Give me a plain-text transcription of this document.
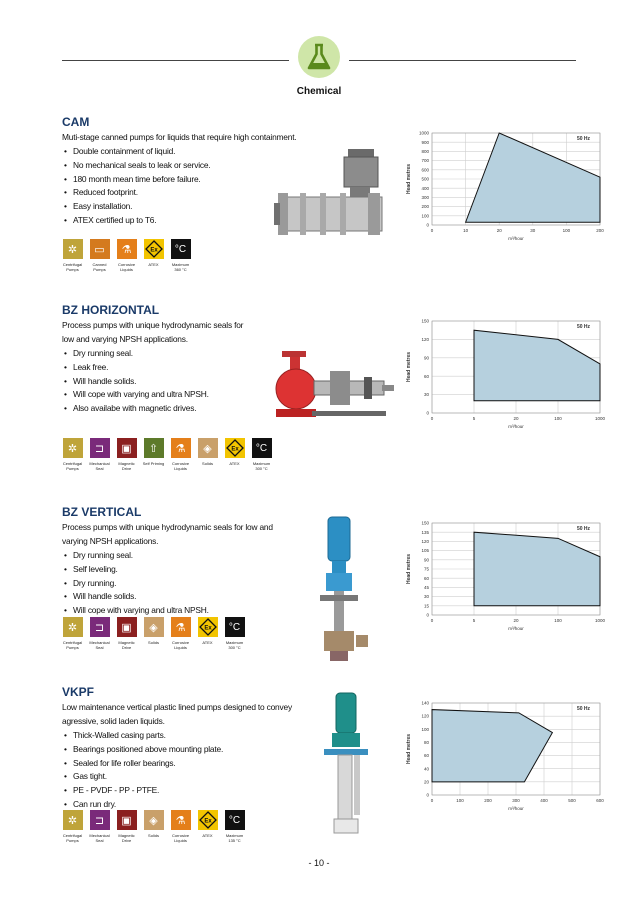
Chemical
CAM
Muti-stage canned pumps for liquids that require high containment.
• Double containment of liquid.
• No mechanical seals to leak or service.
• 180 month mean time before failure.
• Reduced footprint.
• Easy installation.
• ATEX certified up to T6.
✲
Centrifugal
Pumps
▭
Canned
Pumps
⚗
Corrosive
Liquids
Ex
ATEX
°C
Maximum
360 °C
1000
900
800
700
600
500
400
300
200
100
0
0	10	20	30	100	200
Head metres
m³/hour
50 Hz
BZ HORIZONTAL
Process pumps with unique hydrodynamic seals for
low and varying NPSH applications.
• Dry running seal.
• Leak free.
• Will handle solids.
• Will cope with varying and ultra NPSH.
• Also availabe with magnetic drives.
✲
Centrifugal
Pumps
⊐
Mechanical
Seal
▣
Magnetic
Drive
⇧
Self Priming
⚗
Corrosive
Liquids
◈
Solids
Ex
ATEX
°C
Maximum
300 °C
150
120
90
60
30
0
0	5	20	100	1000
Head metres
m³/hour
50 Hz
BZ VERTICAL
Process pumps with unique hydrodynamic seals for low and
varying NPSH applications.
• Dry running seal.
• Self leveling.
• Dry running.
• Will handle solids.
• Will cope with varying and ultra NPSH.
✲
Centrifugal
Pumps
⊐
Mechanical
Seal
▣
Magnetic
Drive
◈
Solids
⚗
Corrosive
Liquids
Ex
ATEX
°C
Maximum
300 °C
150
135
120
105
90
75
60
45
30
15
0
0	5	20	100	1000
Head metres
m³/hour
50 Hz
VKPF
Low maintenance vertical plastic lined pumps designed to convey
agressive, solid laden liquids.
• Thick-Walled casing parts.
• Bearings positioned above mounting plate.
• Sealed for life roller bearings.
• Gas tight.
• PE - PVDF - PP - PTFE.
• Can run dry.
✲
Centrifugal
Pumps
⊐
Mechanical
Seal
▣
Magnetic
Drive
◈
Solids
⚗
Corrosive
Liquids
Ex
ATEX
°C
Maximum
135 °C
140
120
100
80
60
40
20
0
0	100	200	300	400	500	600
Head metres
m³/hour
50 Hz
- 10 -
